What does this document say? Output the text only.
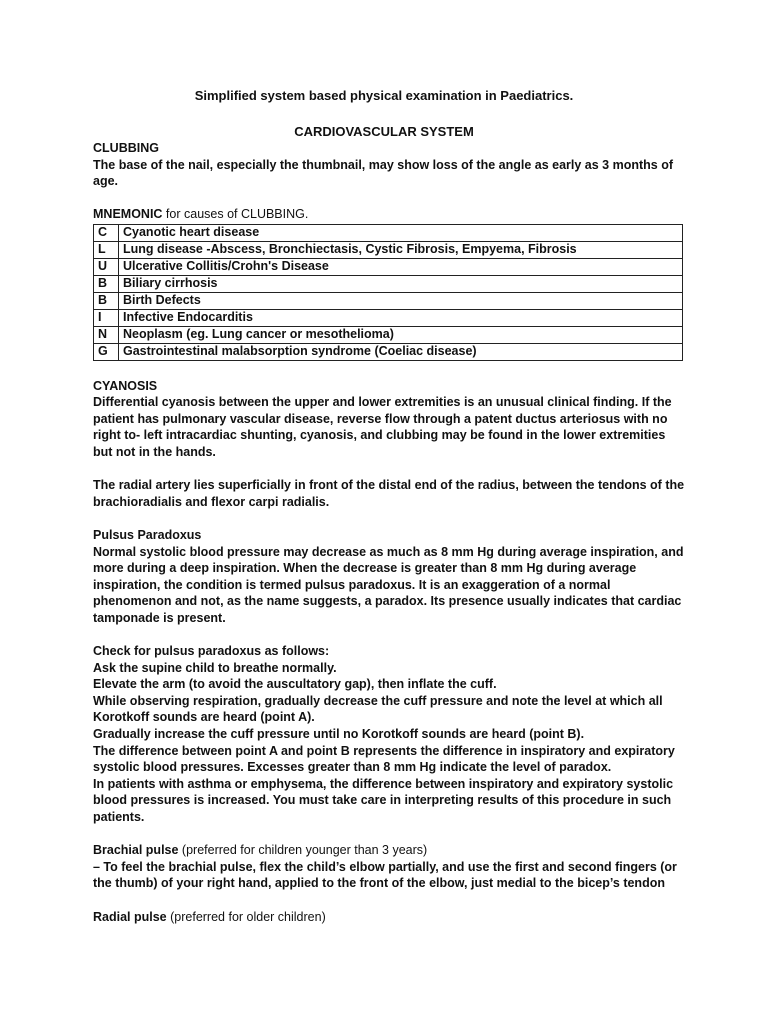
Simplified system based physical examination in Paediatrics.
CARDIOVASCULAR SYSTEM

CLUBBING

The base of the nail, especially the thumbnail, may show loss of the angle as early as 3 months of age.

MNEMONIC for causes of CLUBBING.

C	Cyanotic heart disease
L	Lung disease -Abscess, Bronchiectasis, Cystic Fibrosis, Empyema, Fibrosis
U	Ulcerative Collitis/Crohn's Disease
B	Biliary cirrhosis
B	Birth Defects
I	Infective Endocarditis
N	Neoplasm (eg. Lung cancer or mesothelioma)
G	Gastrointestinal malabsorption syndrome (Coeliac disease)

CYANOSIS

Differential cyanosis between the upper and lower extremities is an unusual clinical finding. If the patient has pulmonary vascular disease, reverse flow through a patent ductus arteriosus with no right to- left intracardiac shunting, cyanosis, and clubbing may be found in the lower extremities but not in the hands.

The radial artery lies superficially in front of the distal end of the radius, between the tendons of the brachioradialis and flexor carpi radialis.

Pulsus Paradoxus

Normal systolic blood pressure may decrease as much as 8 mm Hg during average inspiration, and more during a deep inspiration. When the decrease is greater than 8 mm Hg during average inspiration, the condition is termed pulsus paradoxus. It is an exaggeration of a normal phenomenon and not, as the name suggests, a paradox. Its presence usually indicates that cardiac tamponade is present.

Check for pulsus paradoxus as follows:

Ask the supine child to breathe normally.

Elevate the arm (to avoid the auscultatory gap), then inflate the cuff.

While observing respiration, gradually decrease the cuff pressure and note the level at which all Korotkoff sounds are heard (point A).

Gradually increase the cuff pressure until no Korotkoff sounds are heard (point B).

The difference between point A and point B represents the difference in inspiratory and expiratory systolic blood pressures. Excesses greater than 8 mm Hg indicate the level of paradox.

In patients with asthma or emphysema, the difference between inspiratory and expiratory systolic blood pressures is increased. You must take care in interpreting results of this procedure in such patients.

Brachial pulse (preferred for children younger than 3 years)

– To feel the brachial pulse, flex the child’s elbow partially, and use the first and second fingers (or the thumb) of your right hand, applied to the front of the elbow, just medial to the bicep’s tendon

Radial pulse (preferred for older children)
